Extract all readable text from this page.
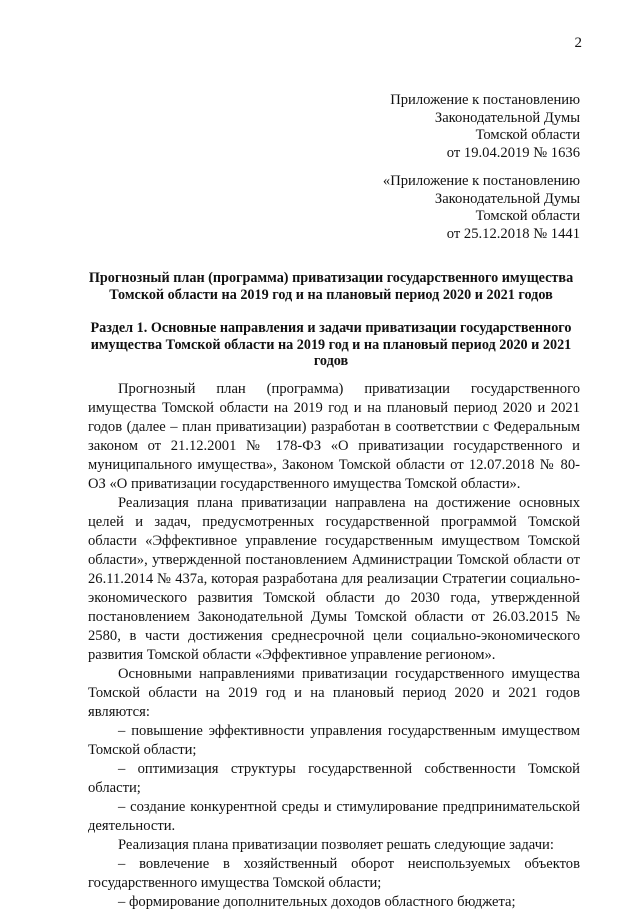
2
Приложение к постановлению
Законодательной Думы
Томской области
от 19.04.2019 № 1636
«Приложение к постановлению
Законодательной Думы
Томской области
от 25.12.2018 № 1441
Прогнозный план (программа) приватизации государственного имущества Томской области на 2019 год и на плановый период 2020 и 2021 годов
Раздел 1. Основные направления и задачи приватизации государственного имущества Томской области на 2019 год и на плановый период 2020 и 2021 годов

Прогнозный план (программа) приватизации государственного имущества Томской области на 2019 год и на плановый период 2020 и 2021 годов (далее – план приватизации) разработан в соответствии с Федеральным законом от 21.12.2001 № 178-ФЗ «О приватизации государственного и муниципального имущества», Законом Томской области от 12.07.2018 № 80-ОЗ «О приватизации государственного имущества Томской области».

Реализация плана приватизации направлена на достижение основных целей и задач, предусмотренных государственной программой Томской области «Эффективное управление государственным имуществом Томской области», утвержденной постановлением Администрации Томской области от 26.11.2014 № 437а, которая разработана для реализации Стратегии социально-экономического развития Томской области до 2030 года, утвержденной постановлением Законодательной Думы Томской области от 26.03.2015 № 2580, в части достижения среднесрочной цели социально-экономического развития Томской области «Эффективное управление регионом».

Основными направлениями приватизации государственного имущества Томской области на 2019 год и на плановый период 2020 и 2021 годов являются:

– повышение эффективности управления государственным имуществом Томской области;

– оптимизация структуры государственной собственности Томской области;

– создание конкурентной среды и стимулирование предпринимательской деятельности.

Реализация плана приватизации позволяет решать следующие задачи:

– вовлечение в хозяйственный оборот неиспользуемых объектов государственного имущества Томской области;

– формирование дополнительных доходов областного бюджета;
